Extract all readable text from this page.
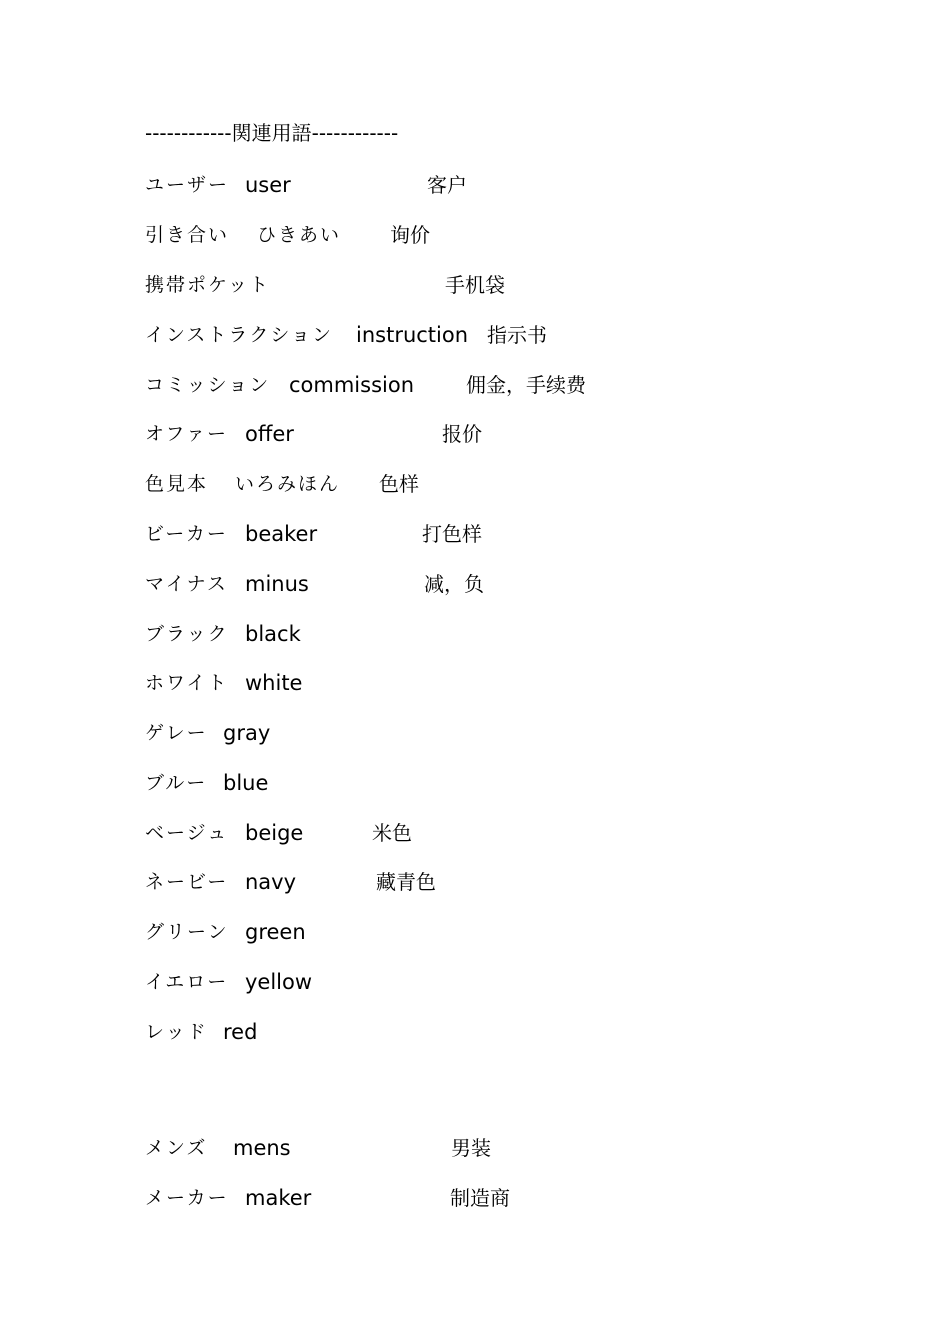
------------関連用語------------
ユーザー user	客户
引き合い ひきあい 询价
携帯ポケット	手机袋
インストラクション instruction 指示书
コミッション commission	佣金，手续费
オファー offer	报价
色見本 いろみほん 色样
ビーカー beaker	打色样
マイナス minus	减，负
ブラック black
ホワイト white
ゲレー gray
ブルー blue
ベージュ beige	米色
ネービー navy	藏青色
グリーン green
イエロー yellow
レッド red
メンズ mens	男装
メーカー maker	制造商
